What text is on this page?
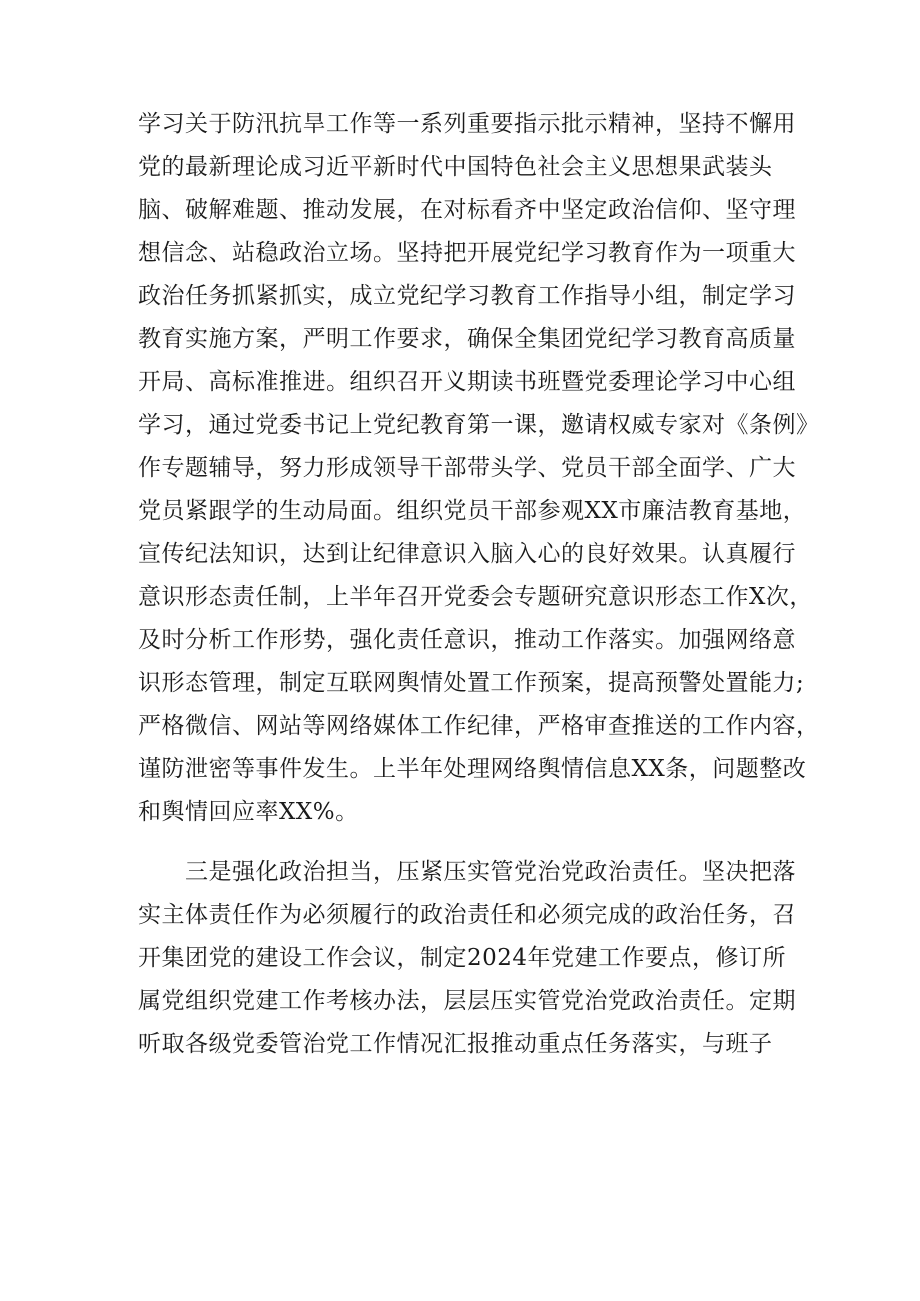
学习关于防汛抗旱工作等一系列重要指示批示精神，坚持不懈用
党的最新理论成习近平新时代中国特色社会主义思想果武装头
脑、破解难题、推动发展，在对标看齐中坚定政治信仰、坚守理
想信念、站稳政治立场。坚持把开展党纪学习教育作为一项重大
政治任务抓紧抓实，成立党纪学习教育工作指导小组，制定学习
教育实施方案，严明工作要求，确保全集团党纪学习教育高质量
开局、高标准推进。组织召开义期读书班暨党委理论学习中心组
学习，通过党委书记上党纪教育第一课，邀请权威专家对《条例》
作专题辅导，努力形成领导干部带头学、党员干部全面学、广大
党员紧跟学的生动局面。组织党员干部参观XX市廉洁教育基地，
宣传纪法知识，达到让纪律意识入脑入心的良好效果。认真履行
意识形态责任制，上半年召开党委会专题研究意识形态工作X次，
及时分析工作形势，强化责任意识，推动工作落实。加强网络意
识形态管理，制定互联网舆情处置工作预案，提高预警处置能力;
严格微信、网站等网络媒体工作纪律，严格审查推送的工作内容，
谨防泄密等事件发生。上半年处理网络舆情信息XX条，问题整改
和舆情回应率XX%。
三是强化政治担当，压紧压实管党治党政治责任。坚决把落
实主体责任作为必须履行的政治责任和必须完成的政治任务，召
开集团党的建设工作会议，制定2024年党建工作要点，修订所
属党组织党建工作考核办法，层层压实管党治党政治责任。定期
听取各级党委管治党工作情况汇报推动重点任务落实，与班子
